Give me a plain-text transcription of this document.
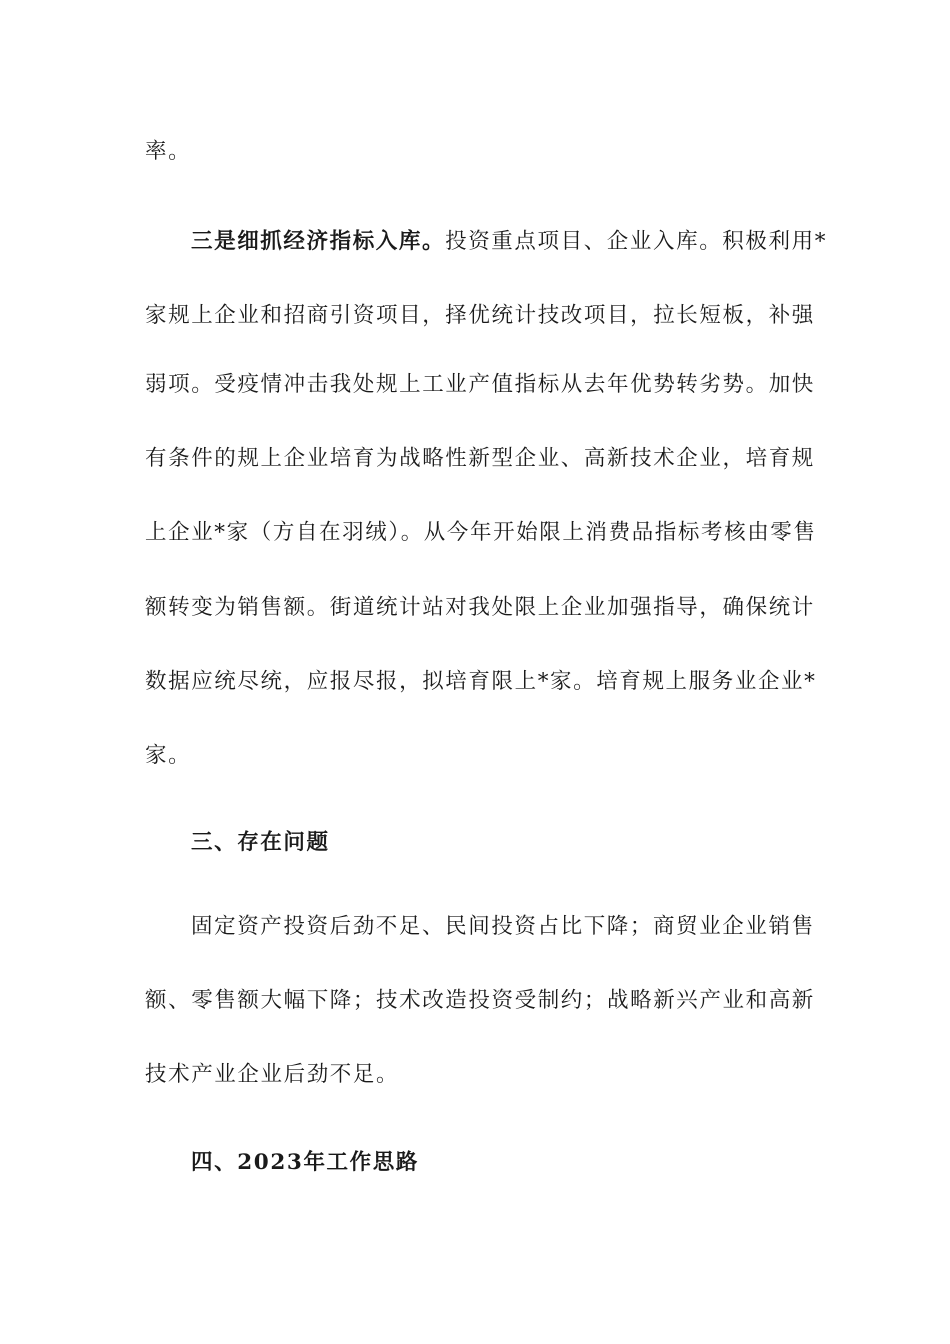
率。
三是细抓经济指标入库。投资重点项目、企业入库。积极利用*
家规上企业和招商引资项目，择优统计技改项目，拉长短板，补强
弱项。受疫情冲击我处规上工业产值指标从去年优势转劣势。加快
有条件的规上企业培育为战略性新型企业、高新技术企业，培育规
上企业*家（方自在羽绒）。从今年开始限上消费品指标考核由零售
额转变为销售额。街道统计站对我处限上企业加强指导，确保统计
数据应统尽统，应报尽报，拟培育限上*家。培育规上服务业企业*
家。
三、存在问题
固定资产投资后劲不足、民间投资占比下降；商贸业企业销售
额、零售额大幅下降；技术改造投资受制约；战略新兴产业和高新
技术产业企业后劲不足。
四、2023年工作思路
